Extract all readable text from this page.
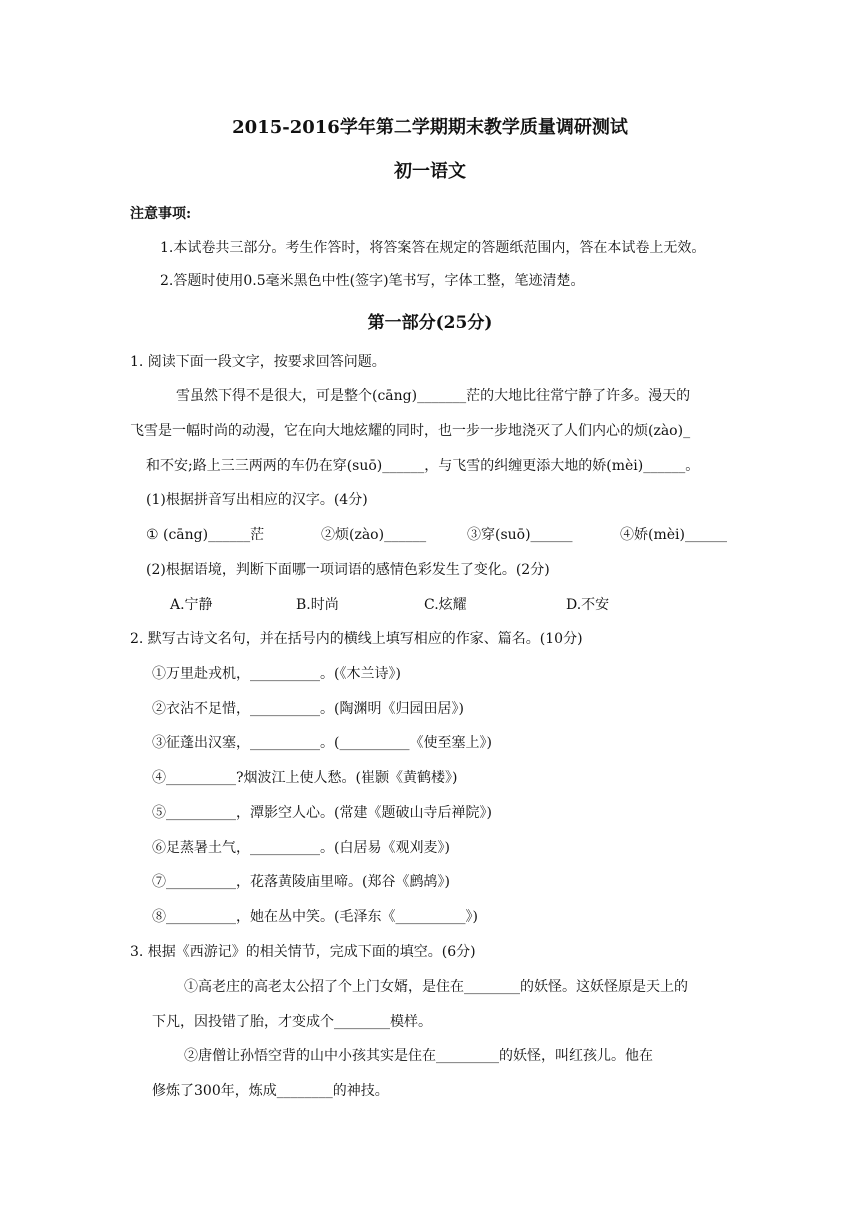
2015-2016学年第二学期期末教学质量调研测试
初一语文
注意事项:
1.本试卷共三部分。考生作答时，将答案答在规定的答题纸范围内，答在本试卷上无效。
2.答题时使用0.5毫米黑色中性(签字)笔书写，字体工整，笔迹清楚。
第一部分(25分)
1. 阅读下面一段文字，按要求回答问题。
雪虽然下得不是很大，可是整个(cāng)_______茫的大地比往常宁静了许多。漫天的
飞雪是一幅时尚的动漫，它在向大地炫耀的同时，也一步一步地浇灭了人们内心的烦(zào)_
和不安;路上三三两两的车仍在穿(suō)______，与飞雪的纠缠更添大地的娇(mèi)______。
(1)根据拼音写出相应的汉字。(4分)
① (cāng)______茫	②烦(zào)______	③穿(suō)______	④娇(mèi)______
(2)根据语境，判断下面哪一项词语的感情色彩发生了变化。(2分)
A.宁静	B.时尚	C.炫耀	D.不安
2. 默写古诗文名句，并在括号内的横线上填写相应的作家、篇名。(10分)
①万里赴戎机，__________。(《木兰诗》)
②衣沾不足惜，__________。(陶渊明《归园田居》)
③征蓬出汉塞，__________。(__________《使至塞上》)
④__________?烟波江上使人愁。(崔颢《黄鹤楼》)
⑤__________，潭影空人心。(常建《题破山寺后禅院》)
⑥足蒸暑土气，__________。(白居易《观刈麦》)
⑦__________，花落黄陵庙里啼。(郑谷《鹧鸪》)
⑧__________，她在丛中笑。(毛泽东《__________》)
3. 根据《西游记》的相关情节，完成下面的填空。(6分)
①高老庄的高老太公招了个上门女婿，是住在________的妖怪。这妖怪原是天上的
下凡，因投错了胎，才变成个________模样。
②唐僧让孙悟空背的山中小孩其实是住在_________的妖怪，叫红孩儿。他在
修炼了300年，炼成________的神技。
